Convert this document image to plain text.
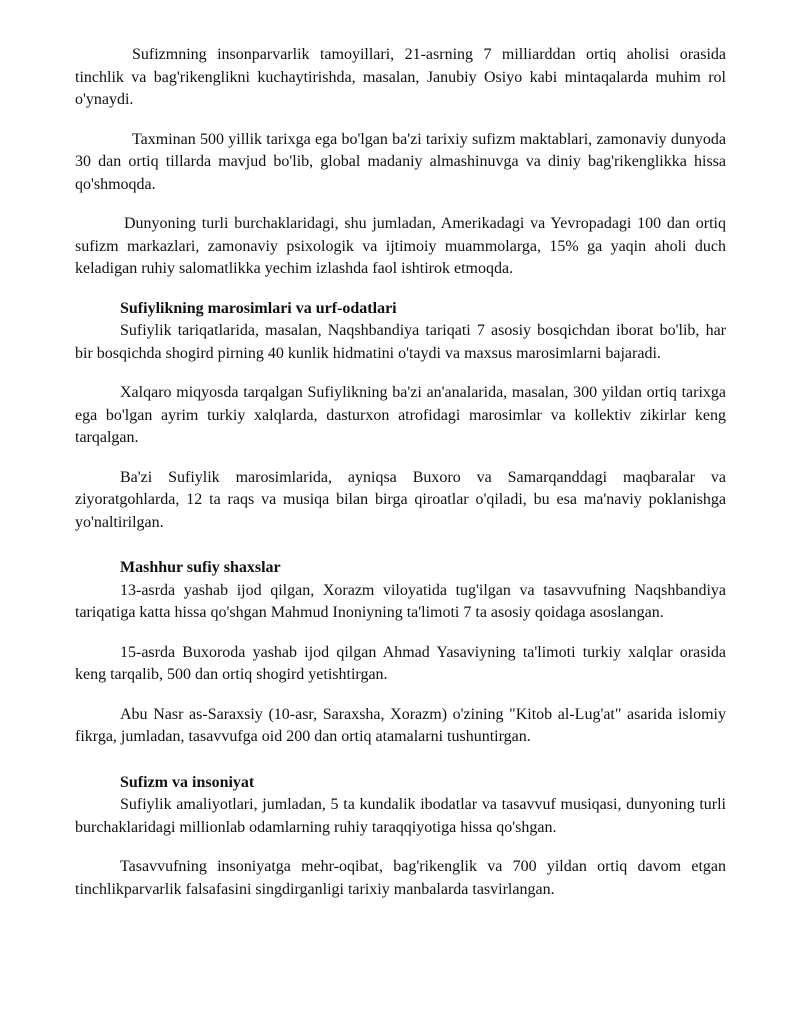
Sufizmning insonparvarlik tamoyillari, 21-asrning 7 milliarddan ortiq aholisi orasida tinchlik va bag'rikenglikni kuchaytirishda, masalan, Janubiy Osiyo kabi mintaqalarda muhim rol o'ynaydi.

Taxminan 500 yillik tarixga ega bo'lgan ba'zi tarixiy sufizm maktablari, zamonaviy dunyoda 30 dan ortiq tillarda mavjud bo'lib, global madaniy almashinuvga va diniy bag'rikenglikka hissa qo'shmoqda.

Dunyoning turli burchaklaridagi, shu jumladan, Amerikadagi va Yevropadagi 100 dan ortiq sufizm markazlari, zamonaviy psixologik va ijtimoiy muammolarga, 15% ga yaqin aholi duch keladigan ruhiy salomatlikka yechim izlashda faol ishtirok etmoqda.

Sufiylikning marosimlari va urf-odatlari

Sufiylik tariqatlarida, masalan, Naqshbandiya tariqati 7 asosiy bosqichdan iborat bo'lib, har bir bosqichda shogird pirning 40 kunlik hidmatini o'taydi va maxsus marosimlarni bajaradi.

Xalqaro miqyosda tarqalgan Sufiylikning ba'zi an'analarida, masalan, 300 yildan ortiq tarixga ega bo'lgan ayrim turkiy xalqlarda, dasturxon atrofidagi marosimlar va kollektiv zikirlar keng tarqalgan.

Ba'zi Sufiylik marosimlarida, ayniqsa Buxoro va Samarqanddagi maqbaralar va ziyoratgohlarda, 12 ta raqs va musiqa bilan birga qiroatlar o'qiladi, bu esa ma'naviy poklanishga yo'naltirilgan.

Mashhur sufiy shaxslar

13-asrda yashab ijod qilgan, Xorazm viloyatida tug'ilgan va tasavvufning Naqshbandiya tariqatiga katta hissa qo'shgan Mahmud Inoniyning ta'limoti 7 ta asosiy qoidaga asoslangan.

15-asrda Buxoroda yashab ijod qilgan Ahmad Yasaviyning ta'limoti turkiy xalqlar orasida keng tarqalib, 500 dan ortiq shogird yetishtirgan.

Abu Nasr as-Saraxsiy (10-asr, Saraxsha, Xorazm) o'zining "Kitob al-Lug'at" asarida islomiy fikrga, jumladan, tasavvufga oid 200 dan ortiq atamalarni tushuntirgan.

Sufizm va insoniyat

Sufiylik amaliyotlari, jumladan, 5 ta kundalik ibodatlar va tasavvuf musiqasi, dunyoning turli burchaklaridagi millionlab odamlarning ruhiy taraqqiyotiga hissa qo'shgan.

Tasavvufning insoniyatga mehr-oqibat, bag'rikenglik va 700 yildan ortiq davom etgan tinchlikparvarlik falsafasini singdirganligi tarixiy manbalarda tasvirlangan.
